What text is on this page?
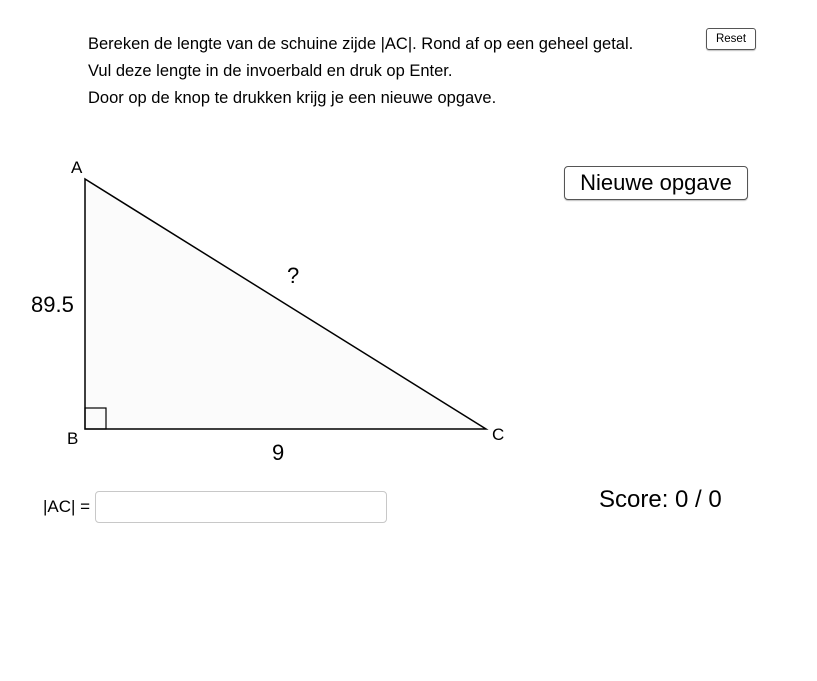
Bereken de lengte van de schuine zijde |AC|. Rond af op een geheel getal.
Vul deze lengte in de invoerbald en druk op Enter.
Door op de knop te drukken krijg je een nieuwe opgave.
Reset
A
B	C
89.5
9
?
Nieuwe opgave
|AC| =	Score: 0 / 0
